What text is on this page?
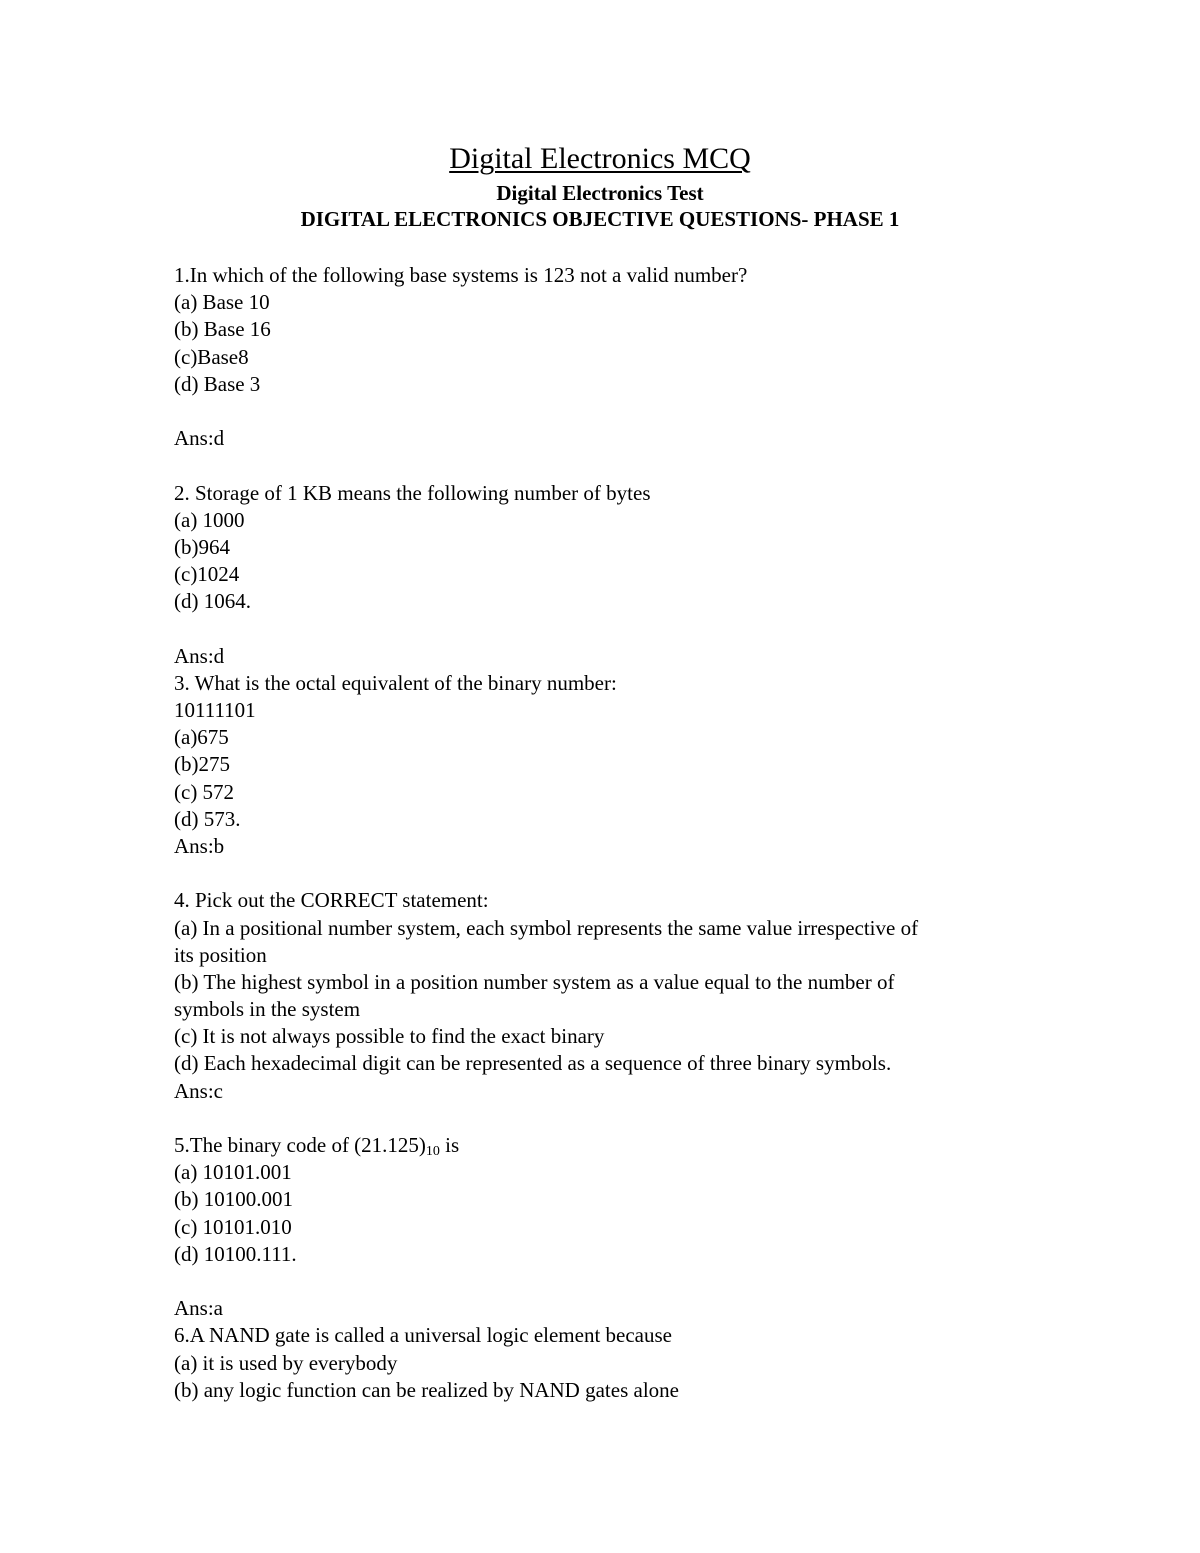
Digital Electronics MCQ
Digital Electronics Test
DIGITAL ELECTRONICS OBJECTIVE QUESTIONS- PHASE 1
1.In which of the following base systems is 123 not a valid number?
(a) Base 10
(b) Base 16
(c)Base8
(d) Base 3
Ans:d
2. Storage of 1 KB means the following number of bytes
(a) 1000
(b)964
(c)1024
(d) 1064.
Ans:d
3. What is the octal equivalent of the binary number:
10111101
(a)675
(b)275
(c) 572
(d) 573.
Ans:b
4. Pick out the CORRECT statement:
(a) In a positional number system, each symbol represents the same value irrespective of
its position
(b) The highest symbol in a position number system as a value equal to the number of
symbols in the system
(c) It is not always possible to find the exact binary
(d) Each hexadecimal digit can be represented as a sequence of three binary symbols.
Ans:c
5.The binary code of $(21.125)_{10}$ is
(a) 10101.001
(b) 10100.001
(c) 10101.010
(d) 10100.111.
Ans:a
6.A NAND gate is called a universal logic element because
(a) it is used by everybody
(b) any logic function can be realized by NAND gates alone
